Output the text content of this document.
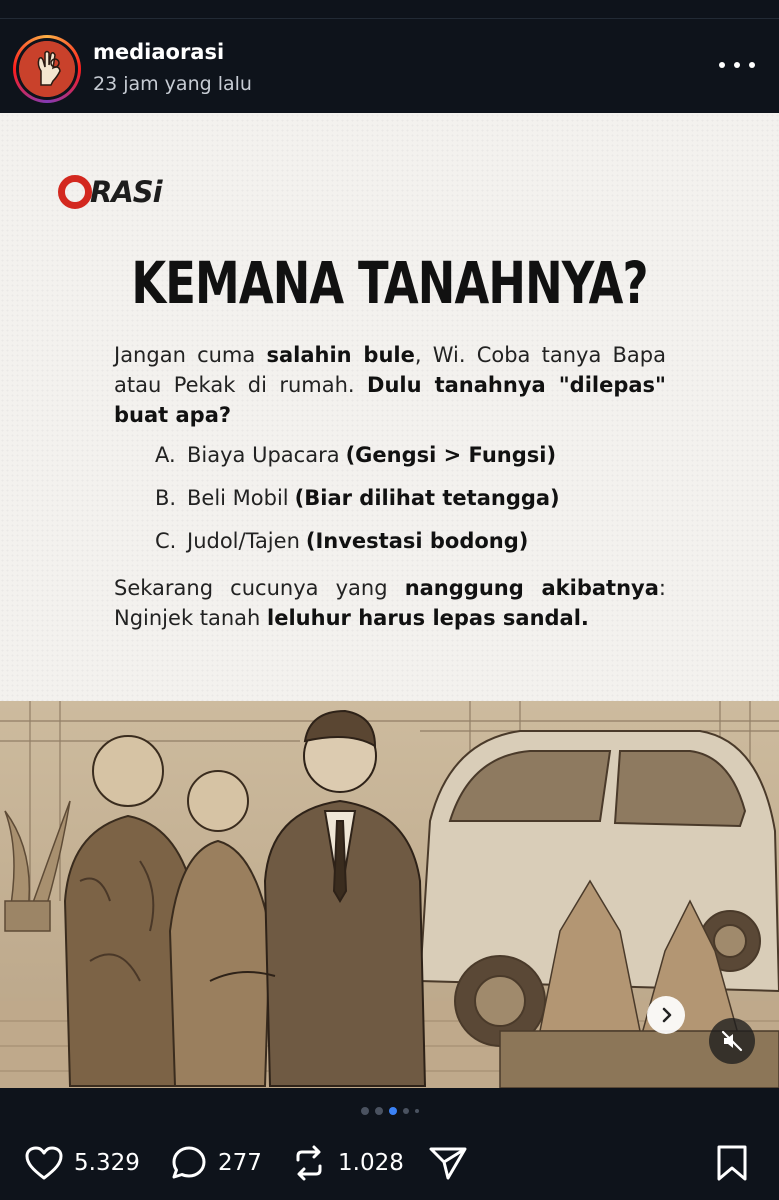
mediaorasi
23 jam yang lalu
RASi
KEMANA TANAHNYA?
Jangan cuma salahin bule, Wi. Coba tanya Bapa atau Pekak di rumah. Dulu tanahnya "dilepas" buat apa?
A. Biaya Upacara (Gengsi > Fungsi)
B. Beli Mobil (Biar dilihat tetangga)
C. Judol/Tajen (Investasi bodong)
Sekarang cucunya yang nanggung akibatnya: Nginjek tanah leluhur harus lepas sandal.
5.329	277	1.028
